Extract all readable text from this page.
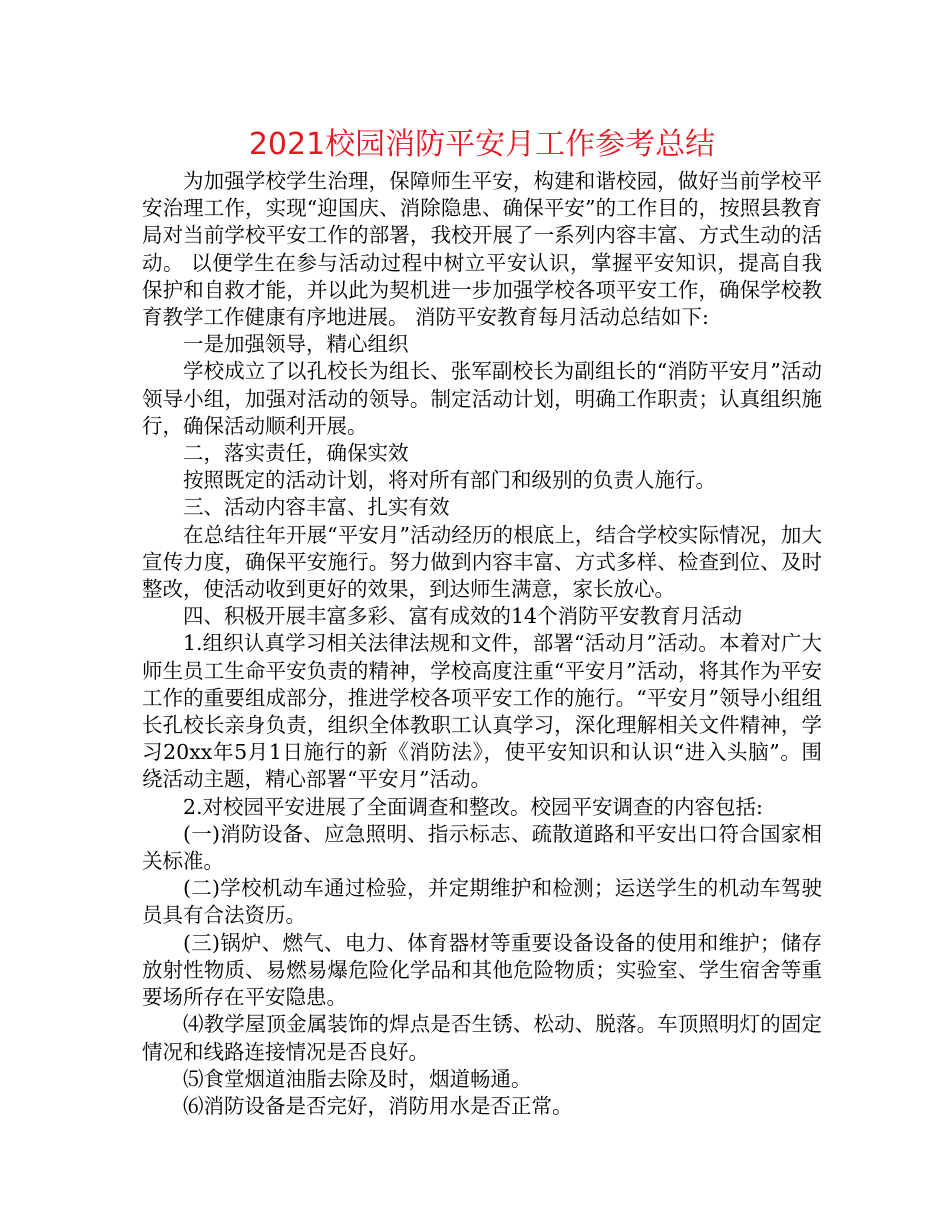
2021校园消防平安月工作参考总结

为加强学校学生治理，保障师生平安，构建和谐校园，做好当前学校平安治理工作，实现“迎国庆、消除隐患、确保平安”的工作目的，按照县教育局对当前学校平安工作的部署，我校开展了一系列内容丰富、方式生动的活动。 以便学生在参与活动过程中树立平安认识，掌握平安知识，提高自我保护和自救才能，并以此为契机进一步加强学校各项平安工作，确保学校教育教学工作健康有序地进展。 消防平安教育每月活动总结如下:

一是加强领导，精心组织

学校成立了以孔校长为组长、张军副校长为副组长的“消防平安月”活动领导小组，加强对活动的领导。制定活动计划，明确工作职责；认真组织施行，确保活动顺利开展。

二，落实责任，确保实效

按照既定的活动计划，将对所有部门和级别的负责人施行。

三、活动内容丰富、扎实有效

在总结往年开展“平安月”活动经历的根底上，结合学校实际情况，加大宣传力度，确保平安施行。努力做到内容丰富、方式多样、检查到位、及时整改，使活动收到更好的效果，到达师生满意，家长放心。

四、积极开展丰富多彩、富有成效的14个消防平安教育月活动

1.组织认真学习相关法律法规和文件，部署“活动月”活动。本着对广大师生员工生命平安负责的精神，学校高度注重“平安月”活动，将其作为平安工作的重要组成部分，推进学校各项平安工作的施行。“平安月”领导小组组长孔校长亲身负责，组织全体教职工认真学习，深化理解相关文件精神，学习20xx年5月1日施行的新《消防法》，使平安知识和认识“进入头脑”。围绕活动主题，精心部署“平安月”活动。

2.对校园平安进展了全面调查和整改。校园平安调查的内容包括:

(一)消防设备、应急照明、指示标志、疏散道路和平安出口符合国家相关标准。

(二)学校机动车通过检验，并定期维护和检测；运送学生的机动车驾驶员具有合法资历。

(三)锅炉、燃气、电力、体育器材等重要设备设备的使用和维护；储存放射性物质、易燃易爆危险化学品和其他危险物质；实验室、学生宿舍等重要场所存在平安隐患。

⑷教学屋顶金属装饰的焊点是否生锈、松动、脱落。车顶照明灯的固定情况和线路连接情况是否良好。

⑸食堂烟道油脂去除及时，烟道畅通。

⑹消防设备是否完好，消防用水是否正常。
